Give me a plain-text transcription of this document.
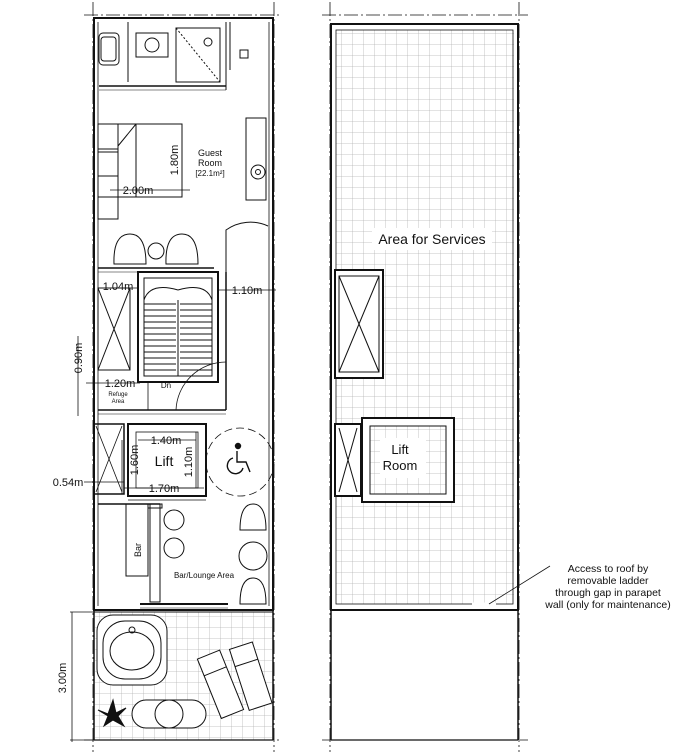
Guest
Room
[22.1m²]
2.00m
1.80m
1.04m	1.10m
0.90m
1.20m	Dn
Refuge
Area
1.40m
1.10m
1.60m Lift
1.70m
0.54m
Bar
Bar/Lounge Area
3.00m
Area for Services
Lift
Room
Access to roof by
removable ladder
through gap in parapet
wall (only for maintenance)
